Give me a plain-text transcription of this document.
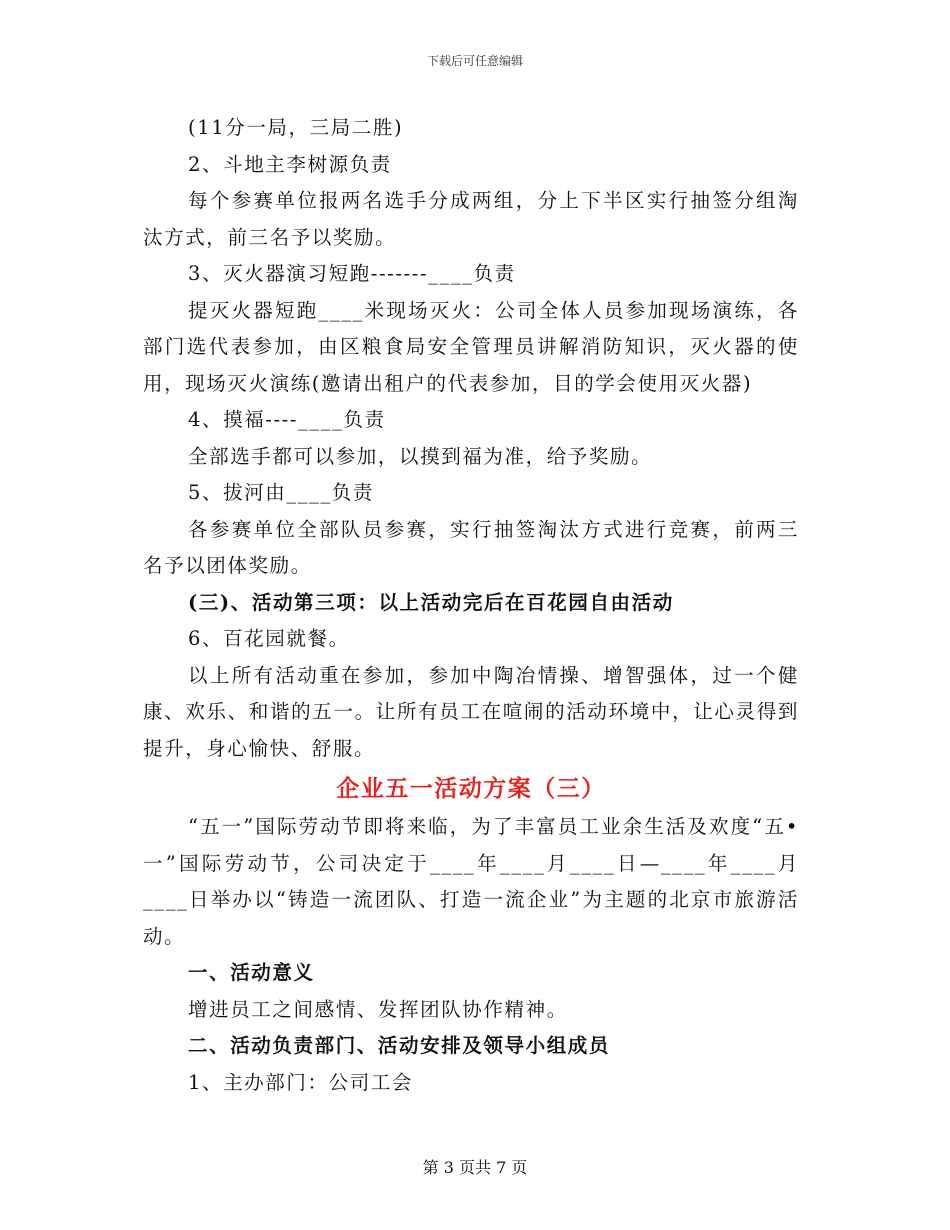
下载后可任意编辑

(11分一局，三局二胜)

2、斗地主李树源负责

每个参赛单位报两名选手分成两组，分上下半区实行抽签分组淘汰方式，前三名予以奖励。

3、灭火器演习短跑-------____负责

提灭火器短跑____米现场灭火：公司全体人员参加现场演练，各部门选代表参加，由区粮食局安全管理员讲解消防知识，灭火器的使用，现场灭火演练(邀请出租户的代表参加，目的学会使用灭火器)

4、摸福----____负责

全部选手都可以参加，以摸到福为准，给予奖励。

5、拔河由____负责

各参赛单位全部队员参赛，实行抽签淘汰方式进行竞赛，前两三名予以团体奖励。

(三)、活动第三项：以上活动完后在百花园自由活动

6、百花园就餐。

以上所有活动重在参加，参加中陶冶情操、增智强体，过一个健康、欢乐、和谐的五一。让所有员工在喧闹的活动环境中，让心灵得到提升，身心愉快、舒服。

企业五一活动方案（三）

“五一”国际劳动节即将来临，为了丰富员工业余生活及欢度“五•一”国际劳动节，公司决定于____年____月____日—____年____月____日举办以“铸造一流团队、打造一流企业”为主题的北京市旅游活动。

一、活动意义

增进员工之间感情、发挥团队协作精神。

二、活动负责部门、活动安排及领导小组成员

1、主办部门：公司工会

第 3 页共 7 页
